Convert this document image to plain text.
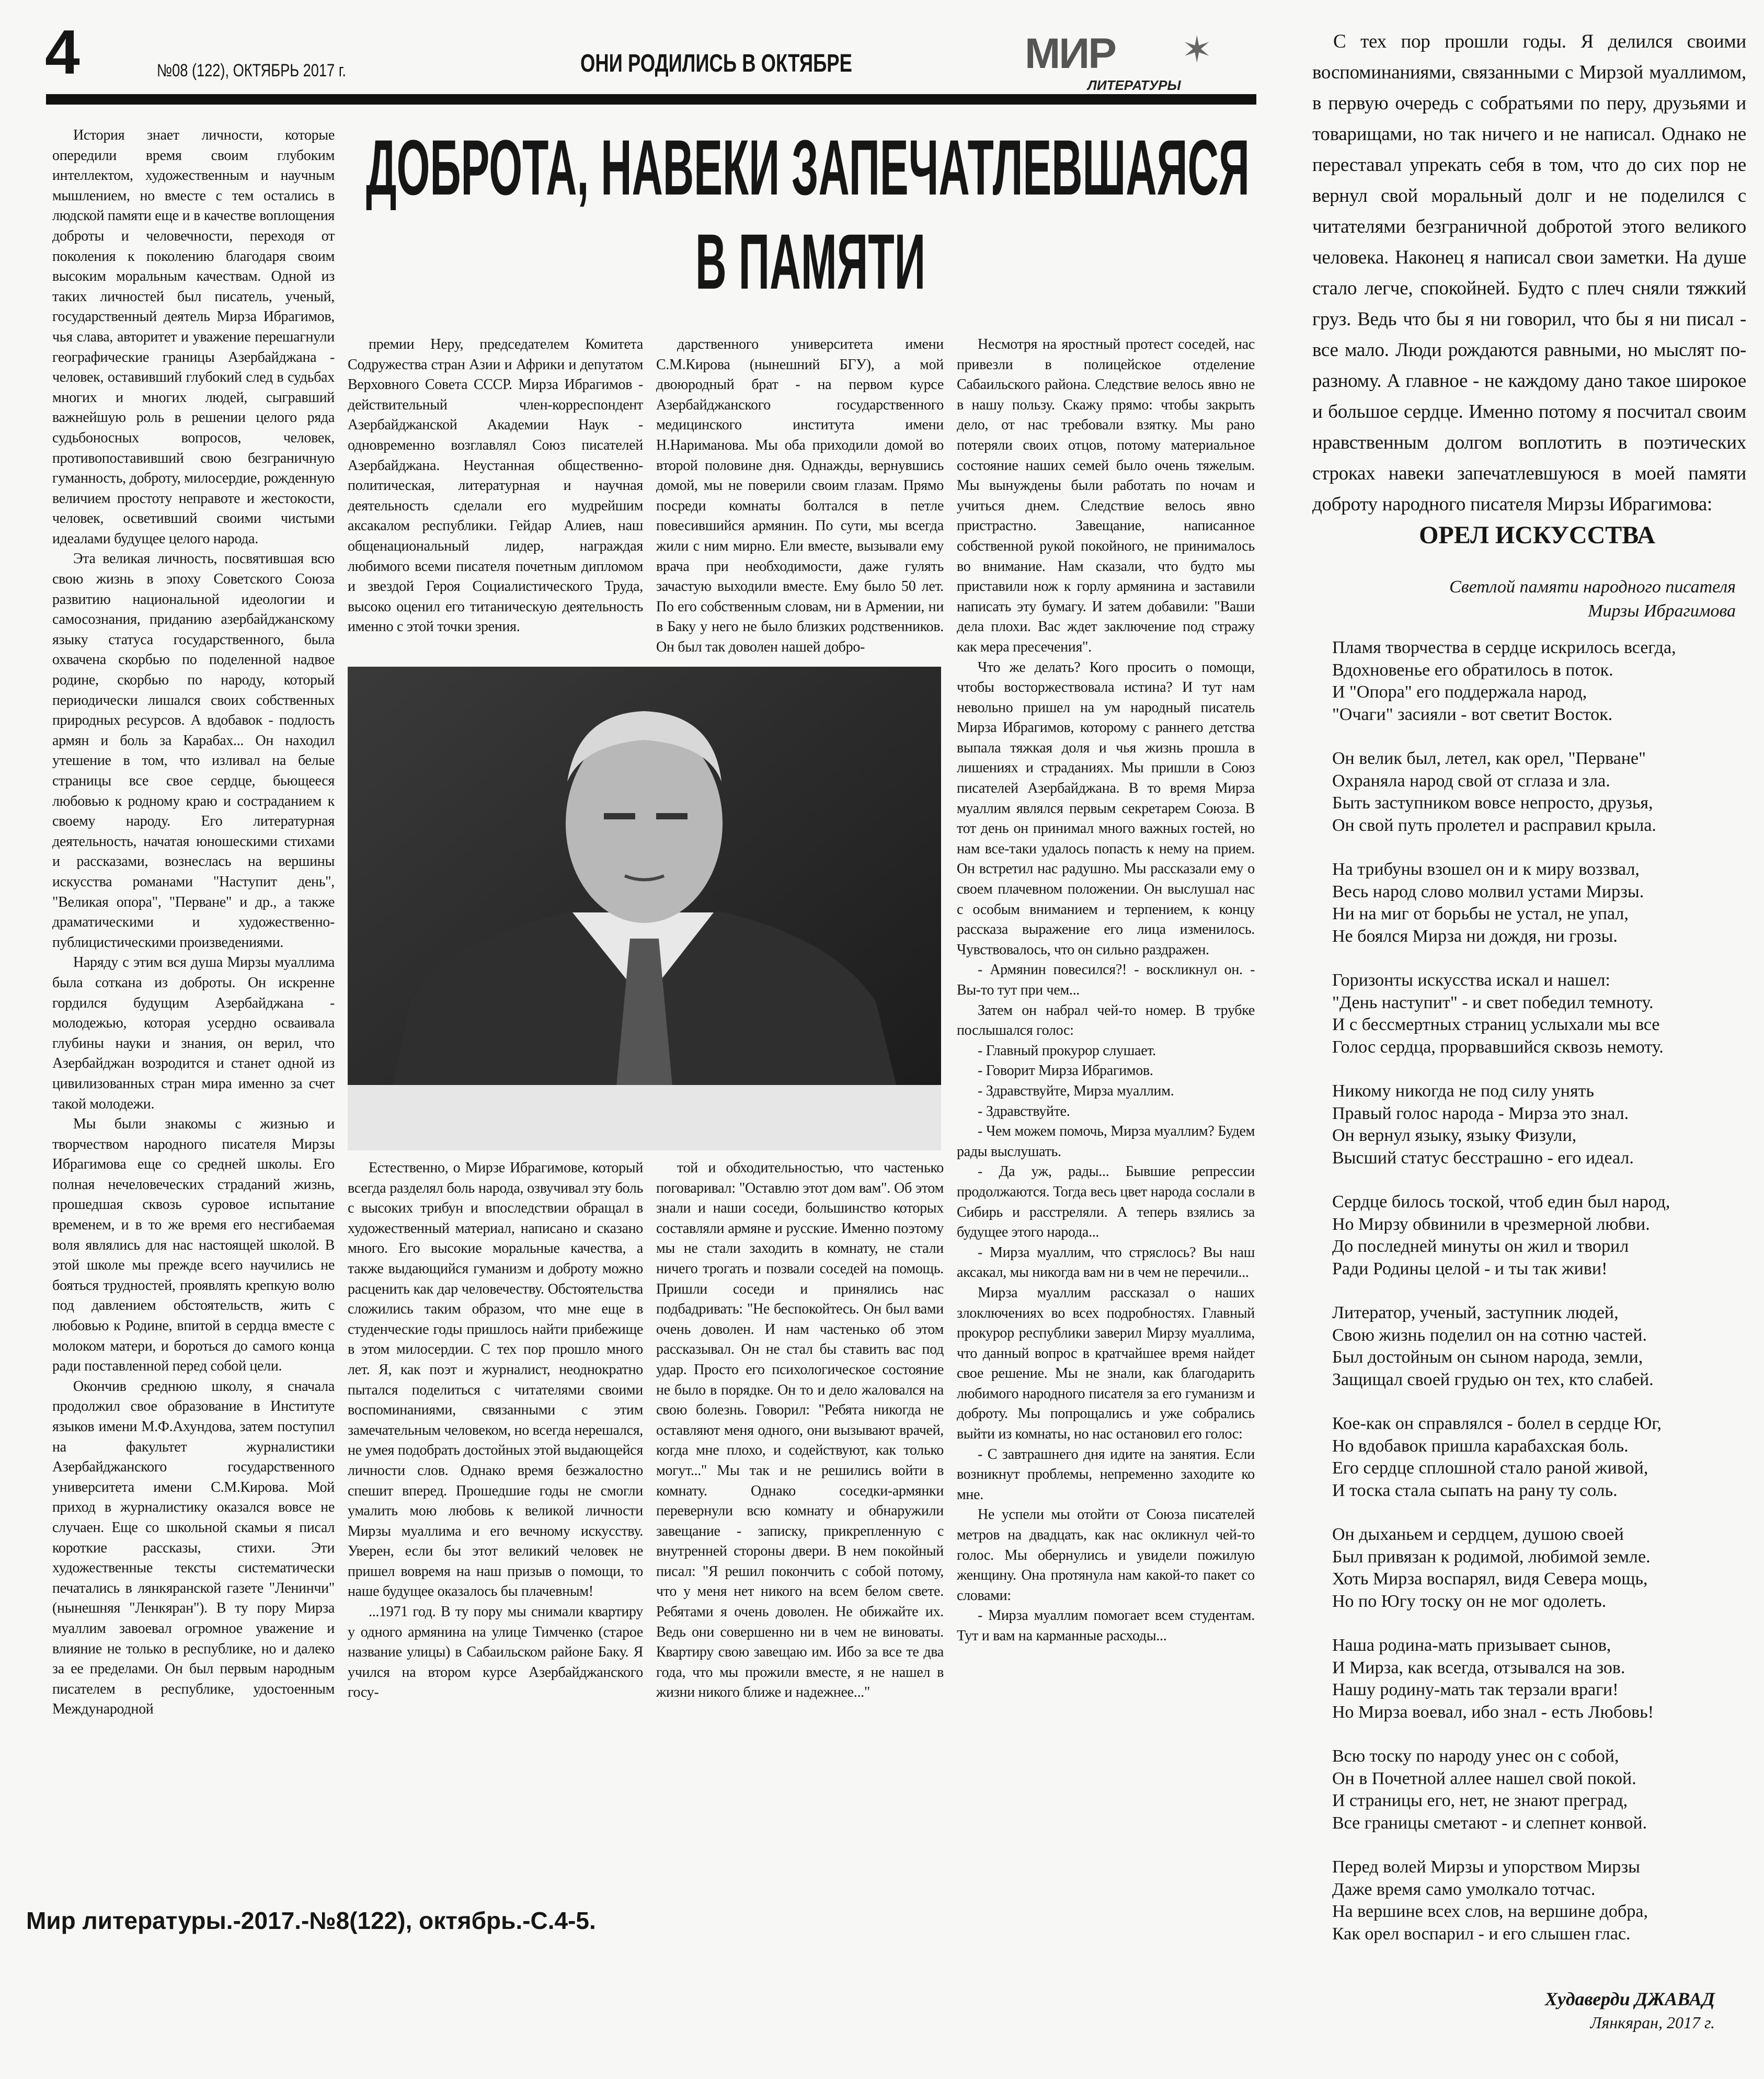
4	№08 (122), ОКТЯБРЬ 2017 г.	ОНИ РОДИЛИСЬ В ОКТЯБРЕ	МИР ✶
ЛИТЕРАТУРЫ

История знает личности, которые опередили время своим глубоким интеллектом, художественным и научным мышлением, но вместе с тем остались в людской памяти еще и в качестве воплощения доброты и человечности, переходя от поколения к поколению благодаря своим высоким моральным качествам. Одной из таких личностей был писатель, ученый, государственный деятель Мирза Ибрагимов, чья слава, авторитет и уважение перешагнули географические границы Азербайджана - человек, оставивший глубокий след в судьбах многих и многих людей, сыгравший важнейшую роль в решении целого ряда судьбоносных вопросов, человек, противопоставивший свою безграничную гуманность, доброту, милосердие, рожденную величием простоту неправоте и жестокости, человек, осветивший своими чистыми идеалами будущее целого народа.

Эта великая личность, посвятившая всю свою жизнь в эпоху Советского Союза развитию национальной идеологии и самосознания, приданию азербайджанскому языку статуса государственного, была охвачена скорбью по поделенной надвое родине, скорбью по народу, который периодически лишался своих собственных природных ресурсов. А вдобавок - подлость армян и боль за Карабах... Он находил утешение в том, что изливал на белые страницы все свое сердце, бьющееся любовью к родному краю и состраданием к своему народу. Его литературная деятельность, начатая юношескими стихами и рассказами, вознеслась на вершины искусства романами "Наступит день", "Великая опора", "Перване" и др., а также драматическими и художественно-публицистическими произведениями.

Наряду с этим вся душа Мирзы муаллима была соткана из доброты. Он искренне гордился будущим Азербайджана - молодежью, которая усердно осваивала глубины науки и знания, он верил, что Азербайджан возродится и станет одной из цивилизованных стран мира именно за счет такой молодежи.

Мы были знакомы с жизнью и творчеством народного писателя Мирзы Ибрагимова еще со средней школы. Его полная нечеловеческих страданий жизнь, прошедшая сквозь суровое испытание временем, и в то же время его несгибаемая воля являлись для нас настоящей школой. В этой школе мы прежде всего научились не бояться трудностей, проявлять крепкую волю под давлением обстоятельств, жить с любовью к Родине, впитой в сердца вместе с молоком матери, и бороться до самого конца ради поставленной перед собой цели.

Окончив среднюю школу, я сначала продолжил свое образование в Институте языков имени М.Ф.Ахундова, затем поступил на факультет журналистики Азербайджанского государственного университета имени С.М.Кирова. Мой приход в журналистику оказался вовсе не случаен. Еще со школьной скамьи я писал короткие рассказы, стихи. Эти художественные тексты систематически печатались в лянкяранской газете "Ленинчи" (нынешняя "Ленкяран"). В ту пору Мирза муаллим завоевал огромное уважение и влияние не только в республике, но и далеко за ее пределами. Он был первым народным писателем в республике, удостоенным Международной

ДОБРОТА, НАВЕКИ ЗАПЕЧАТЛЕВШАЯСЯ
В ПАМЯТИ

премии Неру, председателем Комитета Содружества стран Азии и Африки и депутатом Верховного Совета СССР. Мирза Ибрагимов - действительный член-корреспондент Азербайджанской Академии Наук - одновременно возглавлял Союз писателей Азербайджана. Неустанная общественно-политическая, литературная и научная деятельность сделали его мудрейшим аксакалом республики. Гейдар Алиев, наш общенациональный лидер, награждая любимого всеми писателя почетным дипломом и звездой Героя Социалистического Труда, высоко оценил его титаническую деятельность именно с этой точки зрения.

дарственного университета имени С.М.Кирова (нынешний БГУ), а мой двоюродный брат - на первом курсе Азербайджанского государственного медицинского института имени Н.Нариманова. Мы оба приходили домой во второй половине дня. Однажды, вернувшись домой, мы не поверили своим глазам. Прямо посреди комнаты болтался в петле повесившийся армянин. По сути, мы всегда жили с ним мирно. Ели вместе, вызывали ему врача при необходимости, даже гулять зачастую выходили вместе. Ему было 50 лет. По его собственным словам, ни в Армении, ни в Баку у него не было близких родственников. Он был так доволен нашей добро-

Несмотря на яростный протест соседей, нас привезли в полицейское отделение Сабаильского района. Следствие велось явно не в нашу пользу. Скажу прямо: чтобы закрыть дело, от нас требовали взятку. Мы рано потеряли своих отцов, потому материальное состояние наших семей было очень тяжелым. Мы вынуждены были работать по ночам и учиться днем. Следствие велось явно пристрастно. Завещание, написанное собственной рукой покойного, не принималось во внимание. Нам сказали, что будто мы приставили нож к горлу армянина и заставили написать эту бумагу. И затем добавили: "Ваши дела плохи. Вас ждет заключение под стражу как мера пресечения".

Что же делать? Кого просить о помощи, чтобы восторжествовала истина? И тут нам невольно пришел на ум народный писатель Мирза Ибрагимов, которому с раннего детства выпала тяжкая доля и чья жизнь прошла в лишениях и страданиях. Мы пришли в Союз писателей Азербайджана. В то время Мирза муаллим являлся первым секретарем Союза. В тот день он принимал много важных гостей, но нам все-таки удалось попасть к нему на прием. Он встретил нас радушно. Мы рассказали ему о своем плачевном положении. Он выслушал нас с особым вниманием и терпением, к концу рассказа выражение его лица изменилось. Чувствовалось, что он сильно раздражен.

- Армянин повесился?! - воскликнул он. - Вы-то тут при чем...

Затем он набрал чей-то номер. В трубке послышался голос:

- Главный прокурор слушает.

- Говорит Мирза Ибрагимов.

- Здравствуйте, Мирза муаллим.

- Здравствуйте.

- Чем можем помочь, Мирза муаллим? Будем рады выслушать.

- Да уж, рады... Бывшие репрессии продолжаются. Тогда весь цвет народа сослали в Сибирь и расстреляли. А теперь взялись за будущее этого народа...

- Мирза муаллим, что стряслось? Вы наш аксакал, мы никогда вам ни в чем не перечили...

Мирза муаллим рассказал о наших злоключениях во всех подробностях. Главный прокурор республики заверил Мирзу муаллима, что данный вопрос в кратчайшее время найдет свое решение. Мы не знали, как благодарить любимого народного писателя за его гуманизм и доброту. Мы попрощались и уже собрались выйти из комнаты, но нас остановил его голос:

- С завтрашнего дня идите на занятия. Если возникнут проблемы, непременно заходите ко мне.

Не успели мы отойти от Союза писателей метров на двадцать, как нас окликнул чей-то голос. Мы обернулись и увидели пожилую женщину. Она протянула нам какой-то пакет со словами:

- Мирза муаллим помогает всем студентам. Тут и вам на карманные расходы...

Естественно, о Мирзе Ибрагимове, который всегда разделял боль народа, озвучивал эту боль с высоких трибун и впоследствии обращал в художественный материал, написано и сказано много. Его высокие моральные качества, а также выдающийся гуманизм и доброту можно расценить как дар человечеству. Обстоятельства сложились таким образом, что мне еще в студенческие годы пришлось найти прибежище в этом милосердии. С тех пор прошло много лет. Я, как поэт и журналист, неоднократно пытался поделиться с читателями своими воспоминаниями, связанными с этим замечательным человеком, но всегда нерешался, не умея подобрать достойных этой выдающейся личности слов. Однако время безжалостно спешит вперед. Прошедшие годы не смогли умалить мою любовь к великой личности Мирзы муаллима и его вечному искусству. Уверен, если бы этот великий человек не пришел вовремя на наш призыв о помощи, то наше будущее оказалось бы плачевным!

...1971 год. В ту пору мы снимали квартиру у одного армянина на улице Тимченко (старое название улицы) в Сабаильском районе Баку. Я учился на втором курсе Азербайджанского госу-

той и обходительностью, что частенько поговаривал: "Оставлю этот дом вам". Об этом знали и наши соседи, большинство которых составляли армяне и русские. Именно поэтому мы не стали заходить в комнату, не стали ничего трогать и позвали соседей на помощь. Пришли соседи и принялись нас подбадривать: "Не беспокойтесь. Он был вами очень доволен. И нам частенько об этом рассказывал. Он не стал бы ставить вас под удар. Просто его психологическое состояние не было в порядке. Он то и дело жаловался на свою болезнь. Говорил: "Ребята никогда не оставляют меня одного, они вызывают врачей, когда мне плохо, и содействуют, как только могут..." Мы так и не решились войти в комнату. Однако соседки-армянки перевернули всю комнату и обнаружили завещание - записку, прикрепленную с внутренней стороны двери. В нем покойный писал: "Я решил покончить с собой потому, что у меня нет никого на всем белом свете. Ребятами я очень доволен. Не обижайте их. Ведь они совершенно ни в чем не виноваты. Квартиру свою завещаю им. Ибо за все те два года, что мы прожили вместе, я не нашел в жизни никого ближе и надежнее..."

С тех пор прошли годы. Я делился своими воспоминаниями, связанными с Мирзой муаллимом, в первую очередь с собратьями по перу, друзьями и товарищами, но так ничего и не написал. Однако не переставал упрекать себя в том, что до сих пор не вернул свой моральный долг и не поделился с читателями безграничной добротой этого великого человека. Наконец я написал свои заметки. На душе стало легче, спокойней. Будто с плеч сняли тяжкий груз. Ведь что бы я ни говорил, что бы я ни писал - все мало. Люди рождаются равными, но мыслят по-разному. А главное - не каждому дано такое широкое и большое сердце. Именно потому я посчитал своим нравственным долгом воплотить в поэтических строках навеки запечатлевшуюся в моей памяти доброту народного писателя Мирзы Ибрагимова:

ОРЕЛ ИСКУССТВА
Светлой памяти народного писателя
Мирзы Ибрагимова
Пламя творчества в сердце искрилось всегда,
Вдохновенье его обратилось в поток.
И "Опора" его поддержала народ,
"Очаги" засияли - вот светит Восток.
Он велик был, летел, как орел, "Перване"
Охраняла народ свой от сглаза и зла.
Быть заступником вовсе непросто, друзья,
Он свой путь пролетел и расправил крыла.
На трибуны взошел он и к миру воззвал,
Весь народ слово молвил устами Мирзы.
Ни на миг от борьбы не устал, не упал,
Не боялся Мирза ни дождя, ни грозы.
Горизонты искусства искал и нашел:
"День наступит" - и свет победил темноту.
И с бессмертных страниц услыхали мы все
Голос сердца, прорвавшийся сквозь немоту.
Никому никогда не под силу унять
Правый голос народа - Мирза это знал.
Он вернул языку, языку Физули,
Высший статус бесстрашно - его идеал.
Сердце билось тоской, чтоб един был народ,
Но Мирзу обвинили в чрезмерной любви.
До последней минуты он жил и творил
Ради Родины целой - и ты так живи!
Литератор, ученый, заступник людей,
Свою жизнь поделил он на сотню частей.
Был достойным он сыном народа, земли,
Защищал своей грудью он тех, кто слабей.
Кое-как он справлялся - болел в сердце Юг,
Но вдобавок пришла карабахская боль.
Его сердце сплошной стало раной живой,
И тоска стала сыпать на рану ту соль.
Он дыханьем и сердцем, душою своей
Был привязан к родимой, любимой земле.
Хоть Мирза воспарял, видя Севера мощь,
Но по Югу тоску он не мог одолеть.
Наша родина-мать призывает сынов,
И Мирза, как всегда, отзывался на зов.
Нашу родину-мать так терзали враги!
Но Мирза воевал, ибо знал - есть Любовь!
Всю тоску по народу унес он с собой,
Он в Почетной аллее нашел свой покой.
И страницы его, нет, не знают преград,
Все границы сметают - и слепнет конвой.
Перед волей Мирзы и упорством Мирзы
Даже время само умолкало тотчас.
На вершине всех слов, на вершине добра,
Как орел воспарил - и его слышен глас.
Худаверди ДЖАВАД
Лянкяран, 2017 г.
Мир литературы.-2017.-№8(122), октябрь.-С.4-5.
